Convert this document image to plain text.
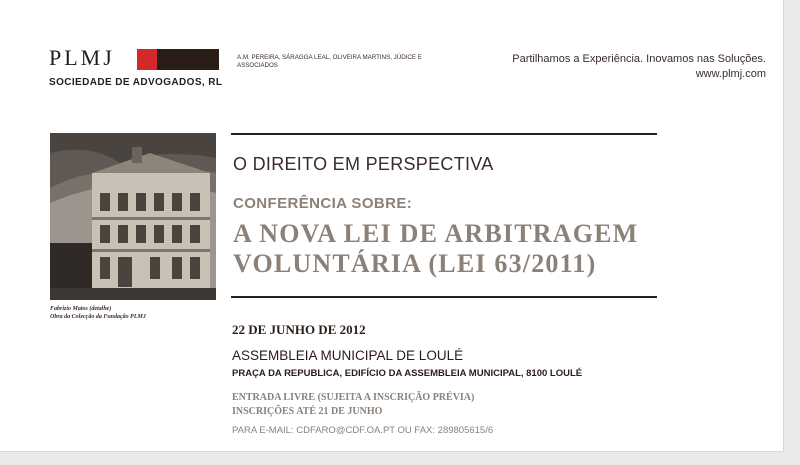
PLMJ
SOCIEDADE DE ADVOGADOS, RL
A.M. PEREIRA, SÁRAGGA LEAL, OLIVEIRA MARTINS, JÚDICE E ASSOCIADOS
Partilhamos a Experiência. Inovamos nas Soluções.
www.plmj.com
Fabrizio Matos (detalhe)
Obra da Colecção da Fundação PLMJ
O DIREITO EM PERSPECTIVA
CONFERÊNCIA SOBRE:
A NOVA LEI DE ARBITRAGEM
VOLUNTÁRIA (LEI 63/2011)
22 DE JUNHO DE 2012
ASSEMBLEIA MUNICIPAL DE LOULÉ
PRAÇA DA REPUBLICA, EDIFÍCIO DA ASSEMBLEIA MUNICIPAL, 8100 LOULÉ
ENTRADA LIVRE (SUJEITA A INSCRIÇÃO PRÉVIA)
INSCRIÇÕES ATÉ 21 DE JUNHO
PARA E-MAIL: CDFARO@CDF.OA.PT OU FAX: 289805615/6
